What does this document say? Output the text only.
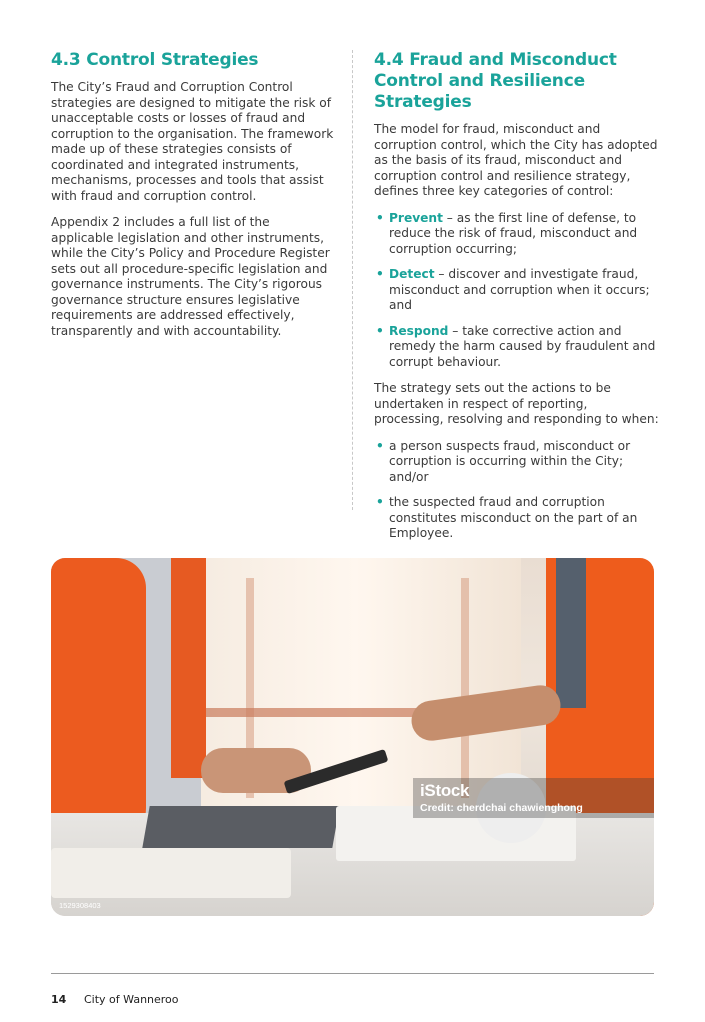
4.3 Control Strategies

The City’s Fraud and Corruption Control strategies are designed to mitigate the risk of unacceptable costs or losses of fraud and corruption to the organisation. The framework made up of these strategies consists of coordinated and integrated instruments, mechanisms, processes and tools that assist with fraud and corruption control.

Appendix 2 includes a full list of the applicable legislation and other instruments, while the City’s Policy and Procedure Register sets out all procedure-specific legislation and governance instruments. The City’s rigorous governance structure ensures legislative requirements are addressed effectively, transparently and with accountability.

4.4 Fraud and Misconduct Control and Resilience Strategies

The model for fraud, misconduct and corruption control, which the City has adopted as the basis of its fraud, misconduct and corruption control and resilience strategy, defines three key categories of control:

• Prevent – as the first line of defense, to reduce the risk of fraud, misconduct and corruption occurring;
• Detect – discover and investigate fraud, misconduct and corruption when it occurs; and
• Respond – take corrective action and remedy the harm caused by fraudulent and corrupt behaviour.

The strategy sets out the actions to be undertaken in respect of reporting, processing, resolving and responding to when:

• a person suspects fraud, misconduct or corruption is occurring within the City; and/or
• the suspected fraud and corruption constitutes misconduct on the part of an Employee.
iStock
Credit: cherdchai chawienghong
1529308403
14 City of Wanneroo
